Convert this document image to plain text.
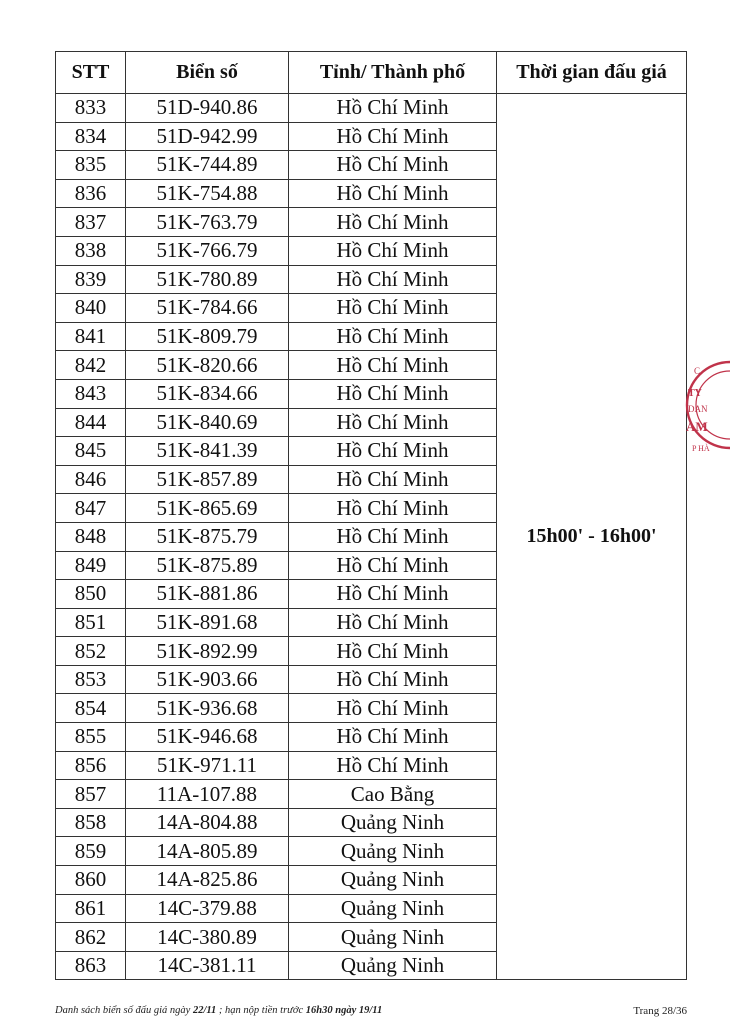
STT	Biển số	Tỉnh/ Thành phố	Thời gian đấu giá
833	51D-940.86	Hồ Chí Minh	15h00' - 16h00'
834	51D-942.99	Hồ Chí Minh	
835	51K-744.89	Hồ Chí Minh	
836	51K-754.88	Hồ Chí Minh	
837	51K-763.79	Hồ Chí Minh	
838	51K-766.79	Hồ Chí Minh	
839	51K-780.89	Hồ Chí Minh	
840	51K-784.66	Hồ Chí Minh	
841	51K-809.79	Hồ Chí Minh	
842	51K-820.66	Hồ Chí Minh	
843	51K-834.66	Hồ Chí Minh	
844	51K-840.69	Hồ Chí Minh	
845	51K-841.39	Hồ Chí Minh	
846	51K-857.89	Hồ Chí Minh	
847	51K-865.69	Hồ Chí Minh	
848	51K-875.79	Hồ Chí Minh	
849	51K-875.89	Hồ Chí Minh	
850	51K-881.86	Hồ Chí Minh	
851	51K-891.68	Hồ Chí Minh	
852	51K-892.99	Hồ Chí Minh	
853	51K-903.66	Hồ Chí Minh	
854	51K-936.68	Hồ Chí Minh	
855	51K-946.68	Hồ Chí Minh	
856	51K-971.11	Hồ Chí Minh	
857	11A-107.88	Cao Bằng	
858	14A-804.88	Quảng Ninh	
859	14A-805.89	Quảng Ninh	
860	14A-825.86	Quảng Ninh	
861	14C-379.88	Quảng Ninh	
862	14C-380.89	Quảng Ninh	
863	14C-381.11	Quảng Ninh	
Danh sách biển số đấu giá ngày 22/11 ; hạn nộp tiền trước 16h30 ngày 19/11	Trang 28/36
C
TY
DAN
AM
P HÀ
